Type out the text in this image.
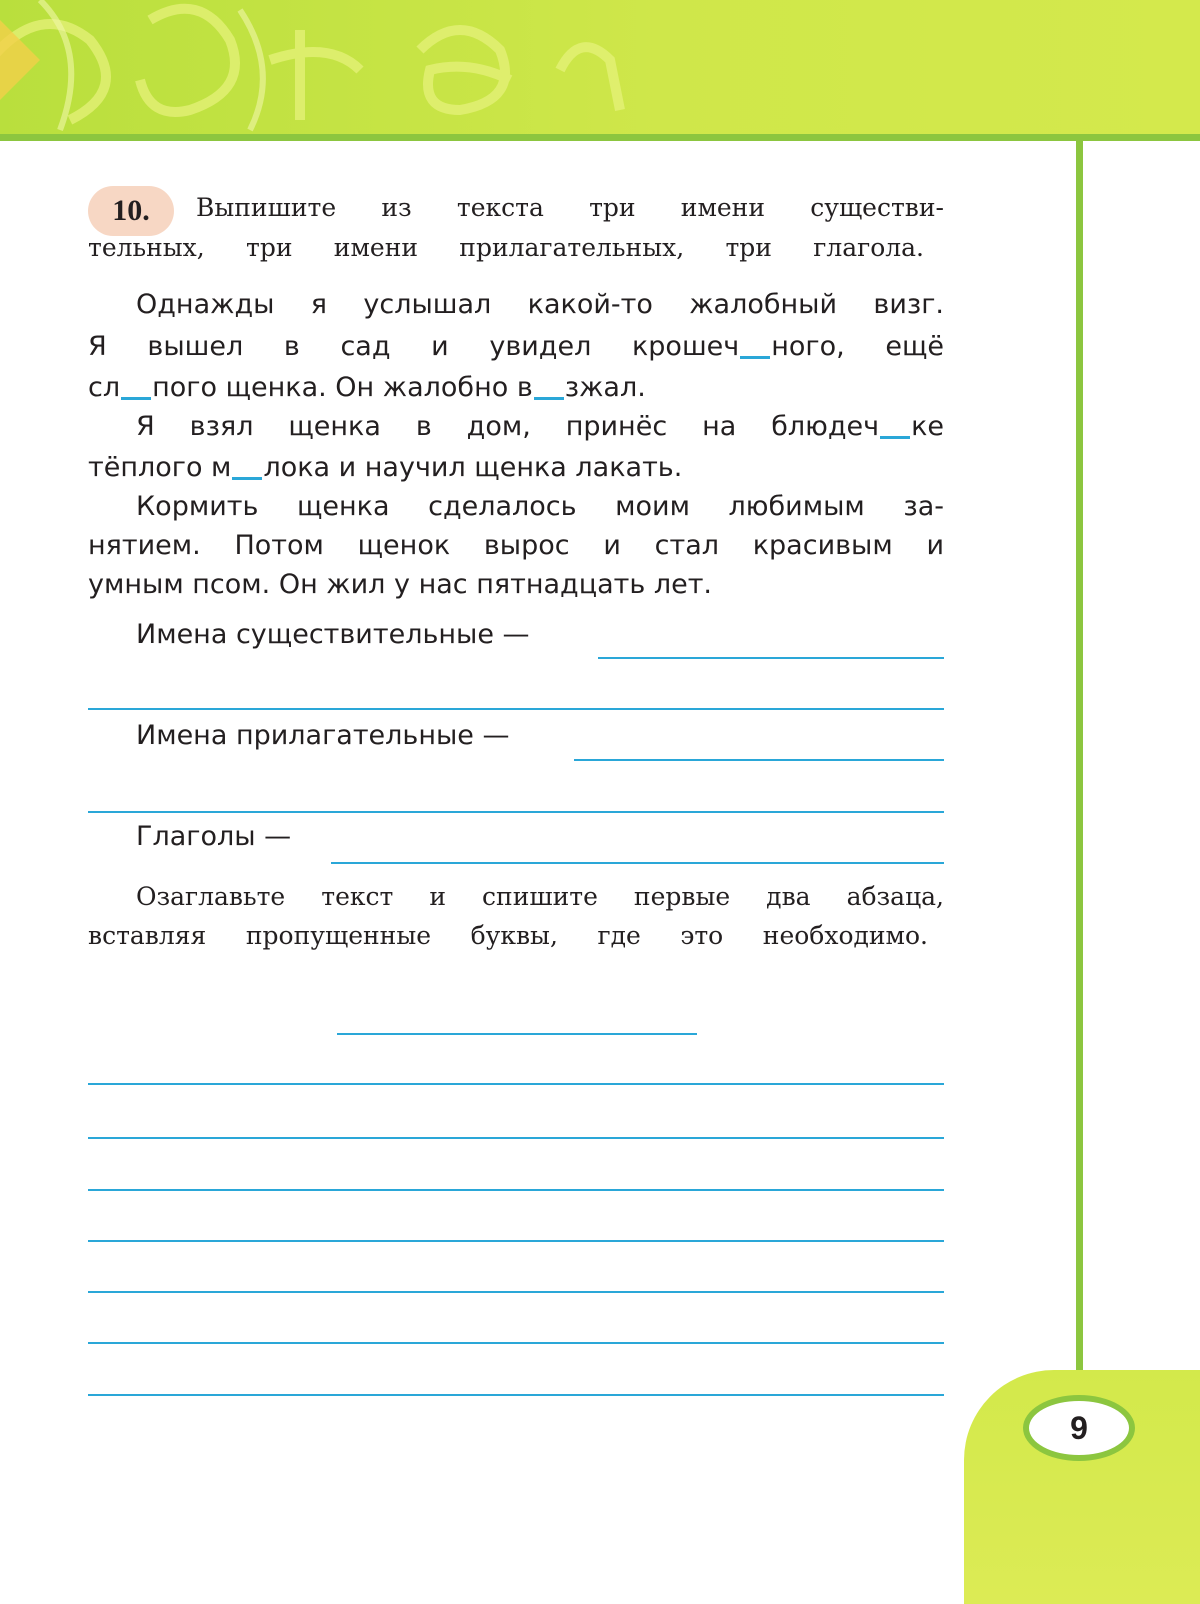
9
10.	Выпишите из текста три имени существи-
тельных, три имени прилагательных, три глагола.
Однажды я услышал какой-то жалобный визг.
Я вышел в сад и увидел крошеч ного, ещё
сл пого щенка. Он жалобно в зжал.
Я взял щенка в дом, принёс на блюдеч ке
тёплого м лока и научил щенка лакать.
Кормить щенка сделалось моим любимым за-
нятием. Потом щенок вырос и стал красивым и
умным псом. Он жил у нас пятнадцать лет.
Имена существительные —
Имена прилагательные —
Глаголы —
Озаглавьте текст и спишите первые два абзаца,
вставляя пропущенные буквы, где это необходимо.
